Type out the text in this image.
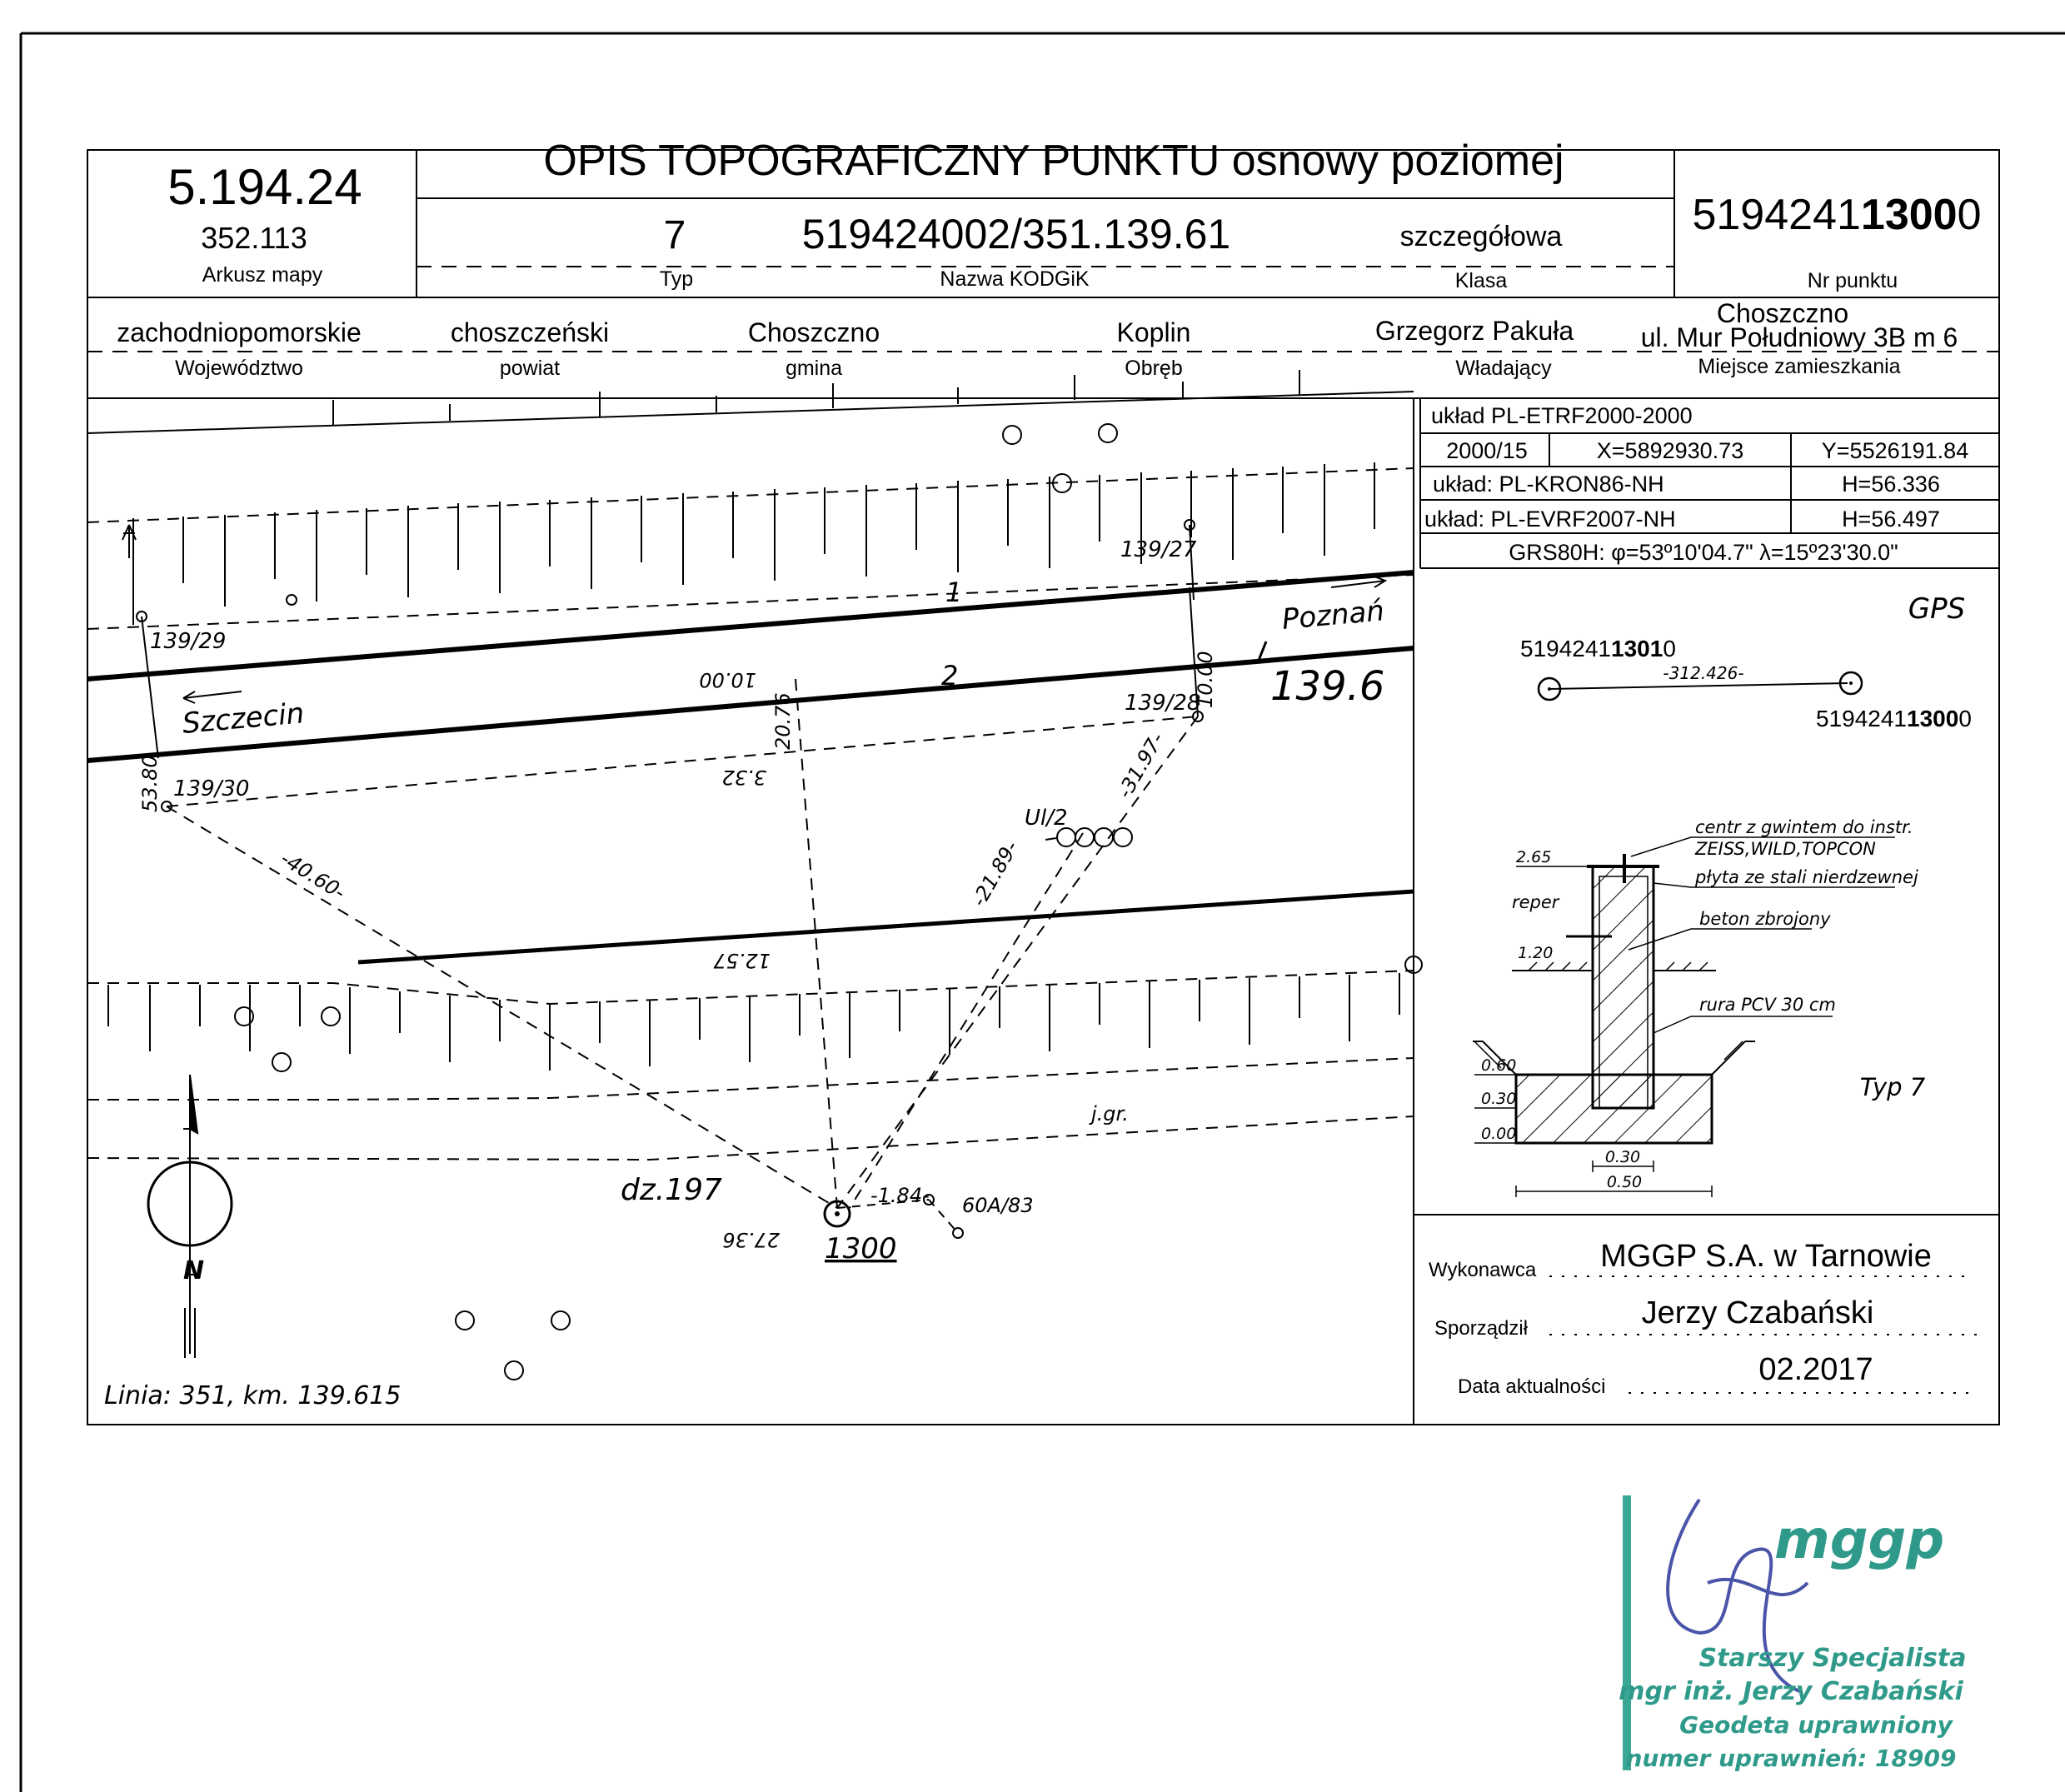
OPIS TOPOGRAFICZNY PUNKTU osnowy poziomej
5.194.24
352.113
Arkusz mapy
7
Typ
519424002/351.139.61
Nazwa KODGiK
szczegółowa
Klasa
519424113000
Nr punktu
zachodniopomorskie
Województwo
choszczeński
powiat
Choszczno
gmina
Koplin
Obręb
Grzegorz Pakuła
Władający
Choszczno
ul. Mur Południowy 3B m 6
Miejsce zamieszkania
układ PL-ETRF2000-2000
2000/15	X=5892930.73	Y=5526191.84
układ: PL-KRON86-NH	H=56.336
układ: PL-EVRF2007-NH	H=56.497
GRS80H: φ=53º10'04.7" λ=15º23'30.0"
GPS
519424113010
-312.426-
519424113000
2.65
reper
1.20
0.60
0.30
0.00
0.30
0.50
centr z gwintem do instr.
ZEISS,WILD,TOPCON
płyta ze stali nierdzewnej
beton zbrojony
rura PCV 30 cm
Typ 7
Wykonawca MGGP S.A. w Tarnowie
Sporządził	Jerzy Czabański
Data aktualności	02.2017
139/29
139/27
139/28
139/30
1
2
Szczecin
Poznań
139.6
10.00	10.00
20.76
3.32
53.80	-31.97-
-40.60-	-21.89-
12.57
-1.84-
27.36
Ul/2
1300
60A/83
dz.197
j.gr.
N
Linia: 351, km. 139.615
mggp
Starszy Specjalista
mgr inż. Jerzy Czabański
Geodeta uprawniony
numer uprawnień: 18909
